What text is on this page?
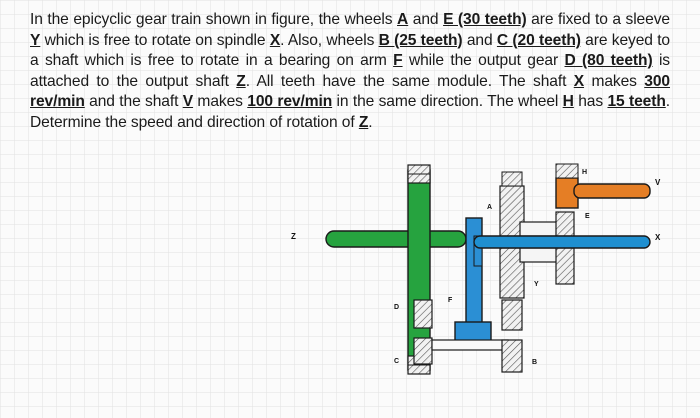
Z
D
C
F
A
B
Y
E
H
V
X
In the epicyclic gear train shown in figure, the wheels A and E (30 teeth) are fixed to a sleeve Y which is free to rotate on spindle X. Also, wheels B (25 teeth) and C (20 teeth) are keyed to a shaft which is free to rotate in a bearing on arm F while the output gear D (80 teeth) is attached to the output shaft Z. All teeth have the same module. The shaft X makes 300 rev/min and the shaft V makes 100 rev/min in the same direction. The wheel H has 15 teeth. Determine the speed and direction of rotation of Z.
